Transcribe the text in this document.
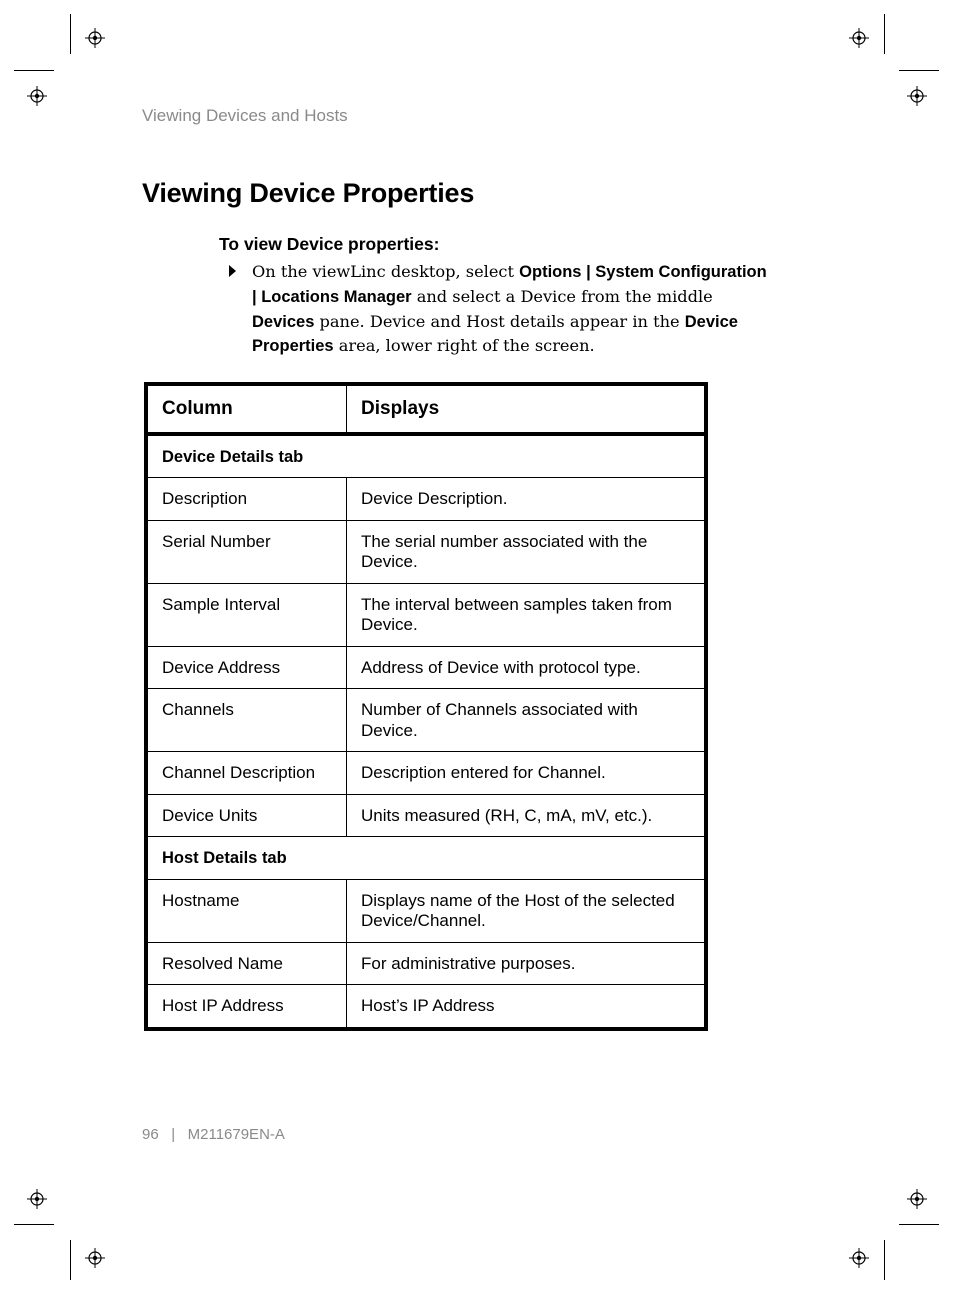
Viewing Devices and Hosts
Viewing Device Properties
To view Device properties:
On the viewLinc desktop, select Options | System Configuration | Locations Manager and select a Device from the middle Devices pane. Device and Host details appear in the Device Properties area, lower right of the screen.
Column	Displays
Device Details tab	
Description	Device Description.
Serial Number	The serial number associated with the Device.
Sample Interval	The interval between samples taken from Device.
Device Address	Address of Device with protocol type.
Channels	Number of Channels associated with Device.
Channel Description	Description entered for Channel.
Device Units	Units measured (RH, C, mA, mV, etc.).
Host Details tab	
Hostname	Displays name of the Host of the selected Device/Channel.
Resolved Name	For administrative purposes.
Host IP Address	Host’s IP Address
96 | M211679EN-A
